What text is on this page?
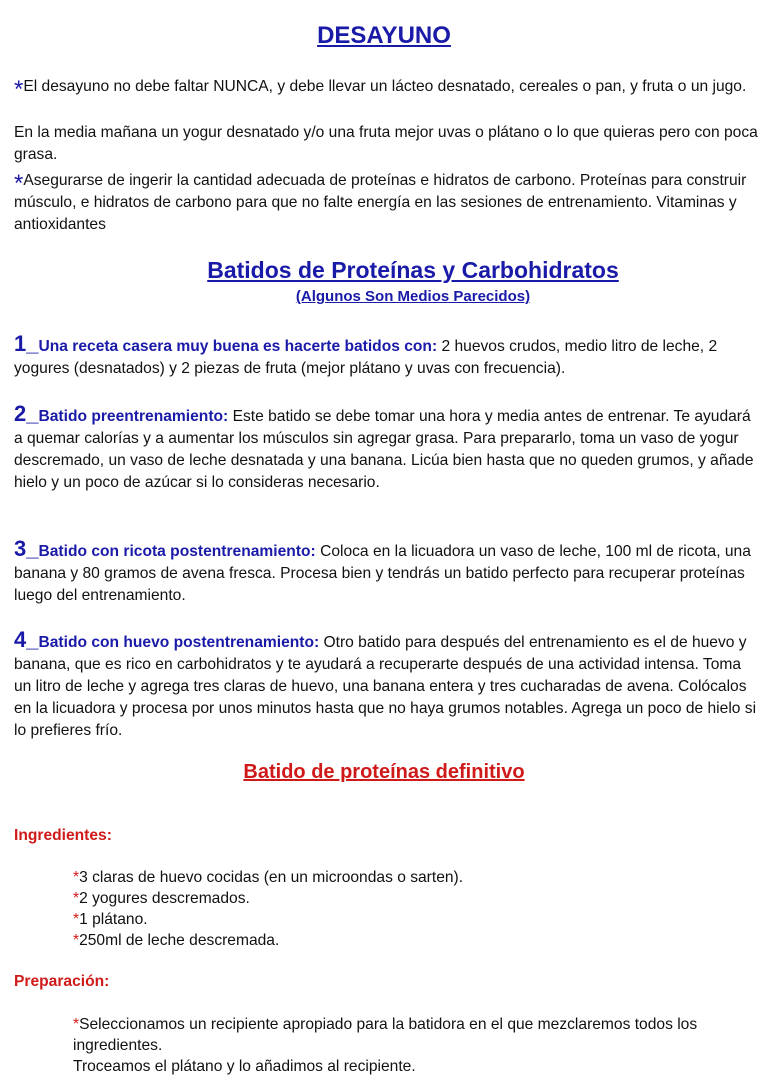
DESAYUNO

*El desayuno no debe faltar NUNCA, y debe llevar un lácteo desnatado, cereales o pan, y fruta o un jugo.

En la media mañana un yogur desnatado y/o una fruta mejor uvas o plátano o lo que quieras pero con poca grasa.

*Asegurarse de ingerir la cantidad adecuada de proteínas e hidratos de carbono. Proteínas para construir músculo, e hidratos de carbono para que no falte energía en las sesiones de entrenamiento. Vitaminas y antioxidantes

Batidos de Proteínas y Carbohidratos
(Algunos Son Medios Parecidos)

1_Una receta casera muy buena es hacerte batidos con: 2 huevos crudos, medio litro de leche, 2 yogures (desnatados) y 2 piezas de fruta (mejor plátano y uvas con frecuencia).

2_Batido preentrenamiento: Este batido se debe tomar una hora y media antes de entrenar. Te ayudará a quemar calorías y a aumentar los músculos sin agregar grasa. Para prepararlo, toma un vaso de yogur descremado, un vaso de leche desnatada y una banana. Licúa bien hasta que no queden grumos, y añade hielo y un poco de azúcar si lo consideras necesario.

3_Batido con ricota postentrenamiento: Coloca en la licuadora un vaso de leche, 100 ml de ricota, una banana y 80 gramos de avena fresca. Procesa bien y tendrás un batido perfecto para recuperar proteínas luego del entrenamiento.

4_Batido con huevo postentrenamiento: Otro batido para después del entrenamiento es el de huevo y banana, que es rico en carbohidratos y te ayudará a recuperarte después de una actividad intensa. Toma un litro de leche y agrega tres claras de huevo, una banana entera y tres cucharadas de avena. Colócalos en la licuadora y procesa por unos minutos hasta que no haya grumos notables. Agrega un poco de hielo si lo prefieres frío.

Batido de proteínas definitivo
Ingredientes:
*3 claras de huevo cocidas (en un microondas o sarten).
*2 yogures descremados.
*1 plátano.
*250ml de leche descremada.
Preparación:
*Seleccionamos un recipiente apropiado para la batidora en el que mezclaremos todos los ingredientes.
Troceamos el plátano y lo añadimos al recipiente.
